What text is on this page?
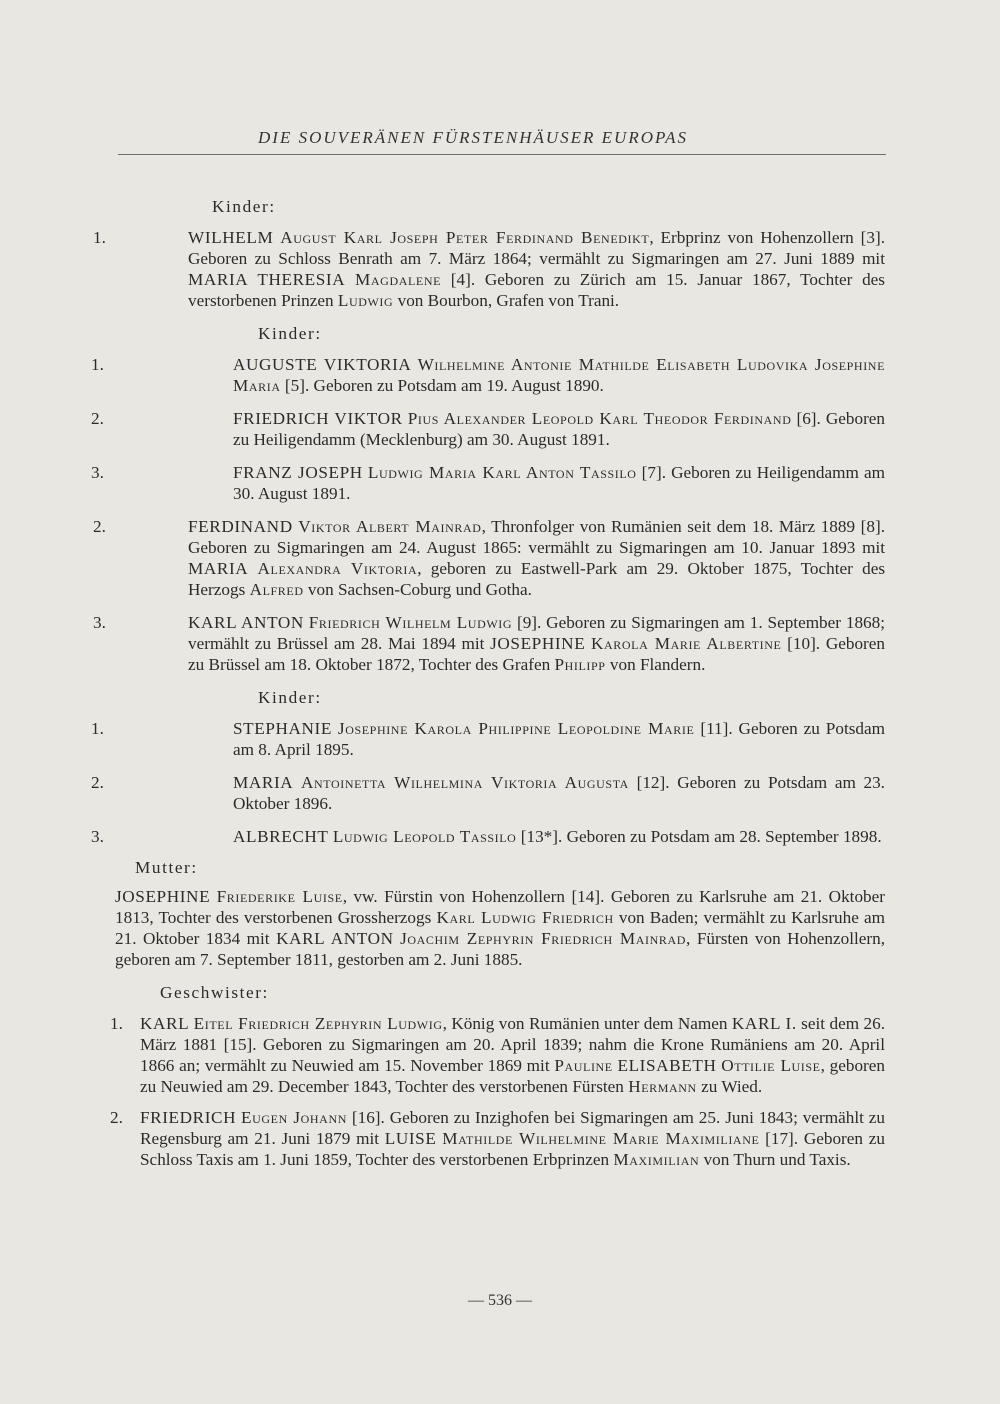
DIE SOUVERÄNEN FÜRSTENHÄUSER EUROPAS
Kinder:
1.	WILHELM August Karl Joseph Peter Ferdinand Benedikt, Erbprinz von Hohenzollern [3]. Geboren zu Schloss Benrath am 7. März 1864; vermählt zu Sigmaringen am 27. Juni 1889 mit MARIA THERESIA Magdalene [4]. Geboren zu Zürich am 15. Januar 1867, Tochter des verstorbenen Prinzen Ludwig von Bourbon, Grafen von Trani.
Kinder:
1.	AUGUSTE VIKTORIA Wilhelmine Antonie Mathilde Elisabeth Ludovika Josephine Maria [5]. Geboren zu Potsdam am 19. August 1890.
2.	FRIEDRICH VIKTOR Pius Alexander Leopold Karl Theodor Ferdinand [6]. Geboren zu Heiligendamm (Mecklenburg) am 30. August 1891.
3.	FRANZ JOSEPH Ludwig Maria Karl Anton Tassilo [7]. Geboren zu Heiligendamm am 30. August 1891.
2.	FERDINAND Viktor Albert Mainrad, Thronfolger von Rumänien seit dem 18. März 1889 [8]. Geboren zu Sigmaringen am 24. August 1865: vermählt zu Sigmaringen am 10. Januar 1893 mit MARIA Alexandra Viktoria, geboren zu Eastwell-Park am 29. Oktober 1875, Tochter des Herzogs Alfred von Sachsen-Coburg und Gotha.
3.	KARL ANTON Friedrich Wilhelm Ludwig [9]. Geboren zu Sigmaringen am 1. September 1868; vermählt zu Brüssel am 28. Mai 1894 mit JOSEPHINE Karola Marie Albertine [10]. Geboren zu Brüssel am 18. Oktober 1872, Tochter des Grafen Philipp von Flandern.
Kinder:
1.	STEPHANIE Josephine Karola Philippine Leopoldine Marie [11]. Geboren zu Potsdam am 8. April 1895.
2.	MARIA Antoinetta Wilhelmina Viktoria Augusta [12]. Geboren zu Potsdam am 23. Oktober 1896.
3.	ALBRECHT Ludwig Leopold Tassilo [13*]. Geboren zu Potsdam am 28. September 1898.
Mutter:
JOSEPHINE Friederike Luise, vw. Fürstin von Hohenzollern [14]. Geboren zu Karlsruhe am 21. Oktober 1813, Tochter des verstorbenen Grossherzogs Karl Ludwig Friedrich von Baden; vermählt zu Karlsruhe am 21. Oktober 1834 mit KARL ANTON Joachim Zephyrin Friedrich Mainrad, Fürsten von Hohenzollern, geboren am 7. September 1811, gestorben am 2. Juni 1885.
Geschwister:
1. KARL Eitel Friedrich Zephyrin Ludwig, König von Rumänien unter dem Namen KARL I. seit dem 26. März 1881 [15]. Geboren zu Sigmaringen am 20. April 1839; nahm die Krone Rumäniens am 20. April 1866 an; vermählt zu Neuwied am 15. November 1869 mit Pauline ELISABETH Ottilie Luise, geboren zu Neuwied am 29. December 1843, Tochter des verstorbenen Fürsten Hermann zu Wied.
2. FRIEDRICH Eugen Johann [16]. Geboren zu Inzighofen bei Sigmaringen am 25. Juni 1843; vermählt zu Regensburg am 21. Juni 1879 mit LUISE Mathilde Wilhelmine Marie Maximiliane [17]. Geboren zu Schloss Taxis am 1. Juni 1859, Tochter des verstorbenen Erbprinzen Maximilian von Thurn und Taxis.
— 536 —
